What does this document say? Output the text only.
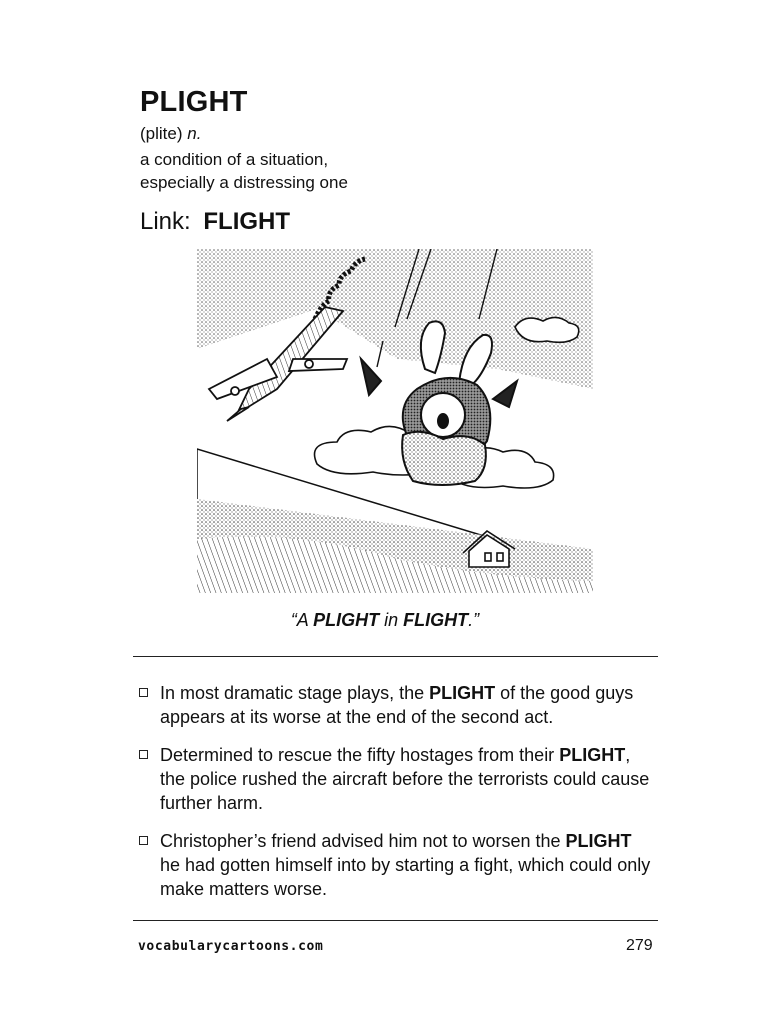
PLIGHT
(plite) n.
a condition of a situation,
especially a distressing one
Link: FLIGHT
“A PLIGHT in FLIGHT.”
In most dramatic stage plays, the PLIGHT of the good guys appears at its worse at the end of the second act.
Determined to rescue the fifty hostages from their PLIGHT, the police rushed the aircraft before the terrorists could cause further harm.
Christopher’s friend advised him not to worsen the PLIGHT he had gotten himself into by starting a fight, which could only make matters worse.
vocabularycartoons.com	279
